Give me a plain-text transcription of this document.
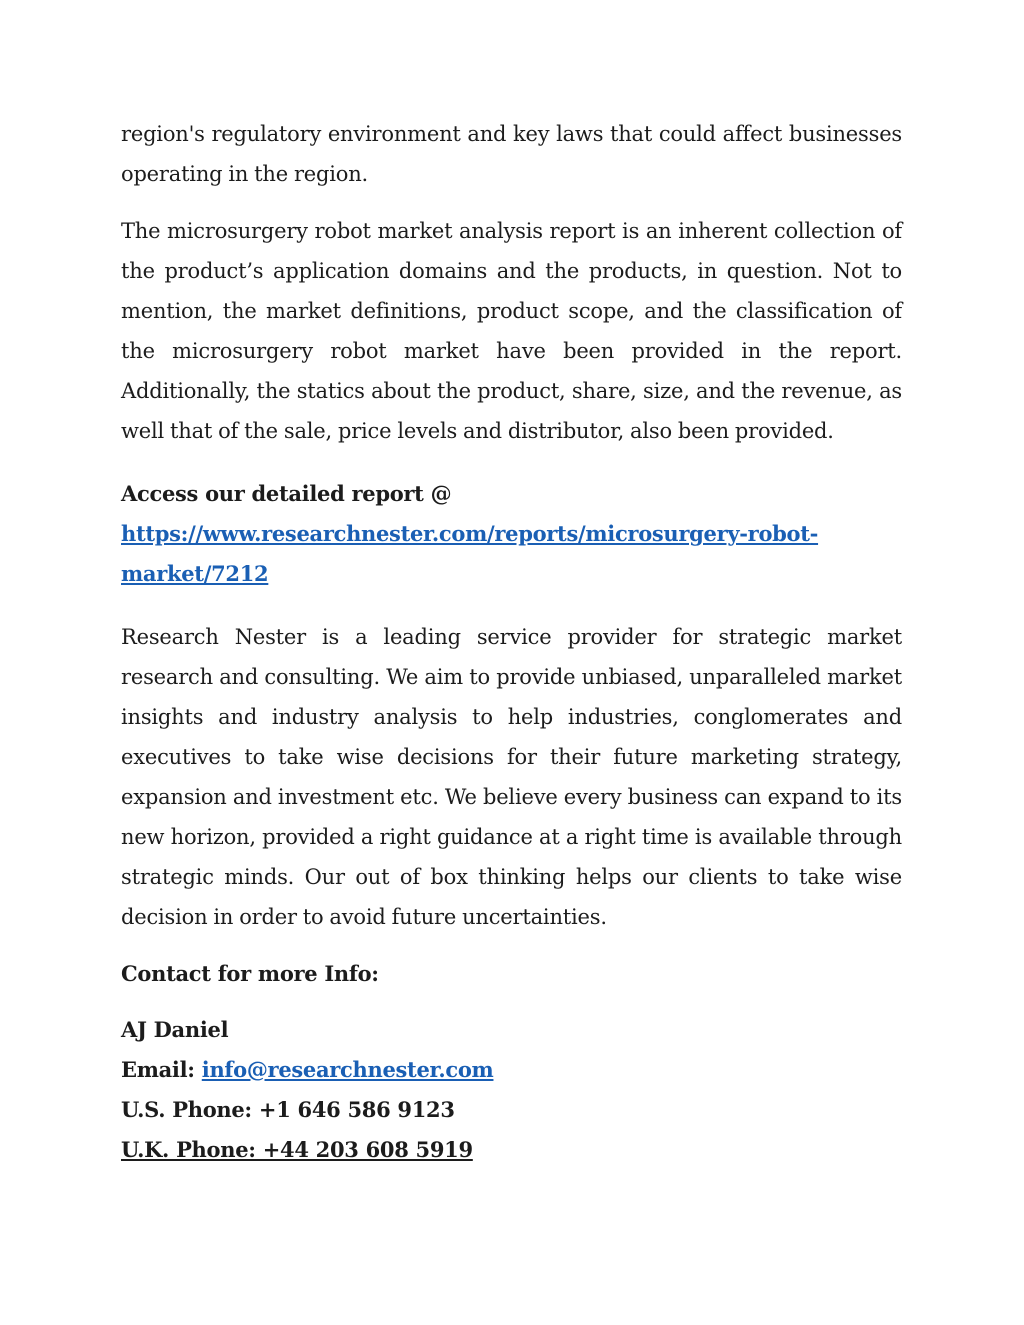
region's regulatory environment and key laws that could affect businesses operating in the region.

The microsurgery robot market analysis report is an inherent collection of the product’s application domains and the products, in question. Not to mention, the market definitions, product scope, and the classification of the microsurgery robot market have been provided in the report. Additionally, the statics about the product, share, size, and the revenue, as well that of the sale, price levels and distributor, also been provided.

Access our detailed report @

https://www.researchnester.com/reports/microsurgery-robot-market/7212

Research Nester is a leading service provider for strategic market research and consulting. We aim to provide unbiased, unparalleled market insights and industry analysis to help industries, conglomerates and executives to take wise decisions for their future marketing strategy, expansion and investment etc. We believe every business can expand to its new horizon, provided a right guidance at a right time is available through strategic minds. Our out of box thinking helps our clients to take wise decision in order to avoid future uncertainties.

Contact for more Info:

AJ Daniel

Email: info@researchnester.com

U.S. Phone: +1 646 586 9123

U.K. Phone: +44 203 608 5919
